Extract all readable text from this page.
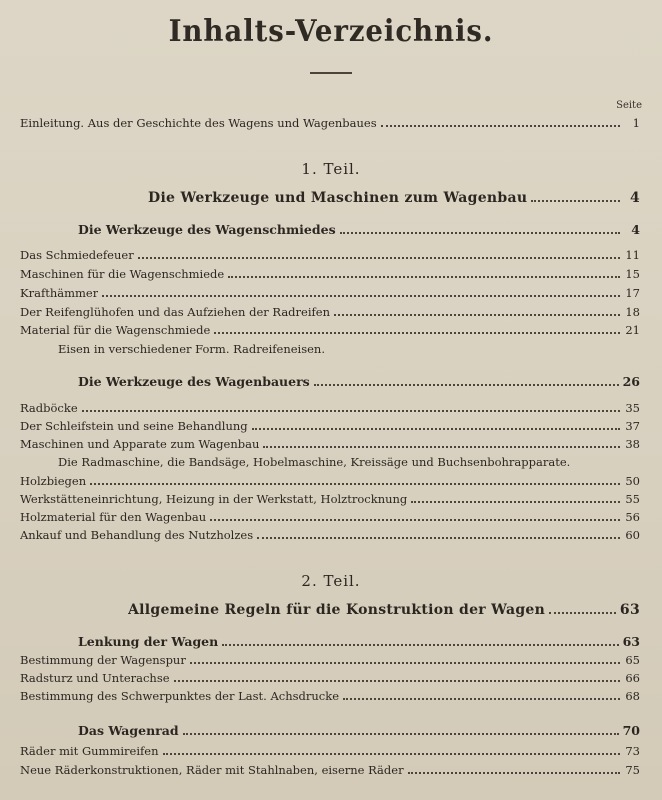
Inhalts-Verzeichnis.
Seite
Einleitung. Aus der Geschichte des Wagens und Wagenbaues	1
1. Teil.
Die Werkzeuge und Maschinen zum Wagenbau	4
Die Werkzeuge des Wagenschmiedes	4
Das Schmiedefeuer	11
Maschinen für die Wagenschmiede	15
Krafthämmer	17
Der Reifenglühofen und das Aufziehen der Radreifen	18
Material für die Wagenschmiede	21
Eisen in verschiedener Form. Radreifeneisen.
Die Werkzeuge des Wagenbauers	26
Radböcke	35
Der Schleifstein und seine Behandlung	37
Maschinen und Apparate zum Wagenbau	38
Die Radmaschine, die Bandsäge, Hobelmaschine, Kreissäge und Buchsenbohrapparate.
Holzbiegen	50
Werkstätteneinrichtung, Heizung in der Werkstatt, Holztrocknung	55
Holzmaterial für den Wagenbau	56
Ankauf und Behandlung des Nutzholzes	60
2. Teil.
Allgemeine Regeln für die Konstruktion der Wagen	63
Lenkung der Wagen	63
Bestimmung der Wagenspur	65
Radsturz und Unterachse	66
Bestimmung des Schwerpunktes der Last. Achsdrucke	68
Das Wagenrad	70
Räder mit Gummireifen	73
Neue Räderkonstruktionen, Räder mit Stahlnaben, eiserne Räder	75
